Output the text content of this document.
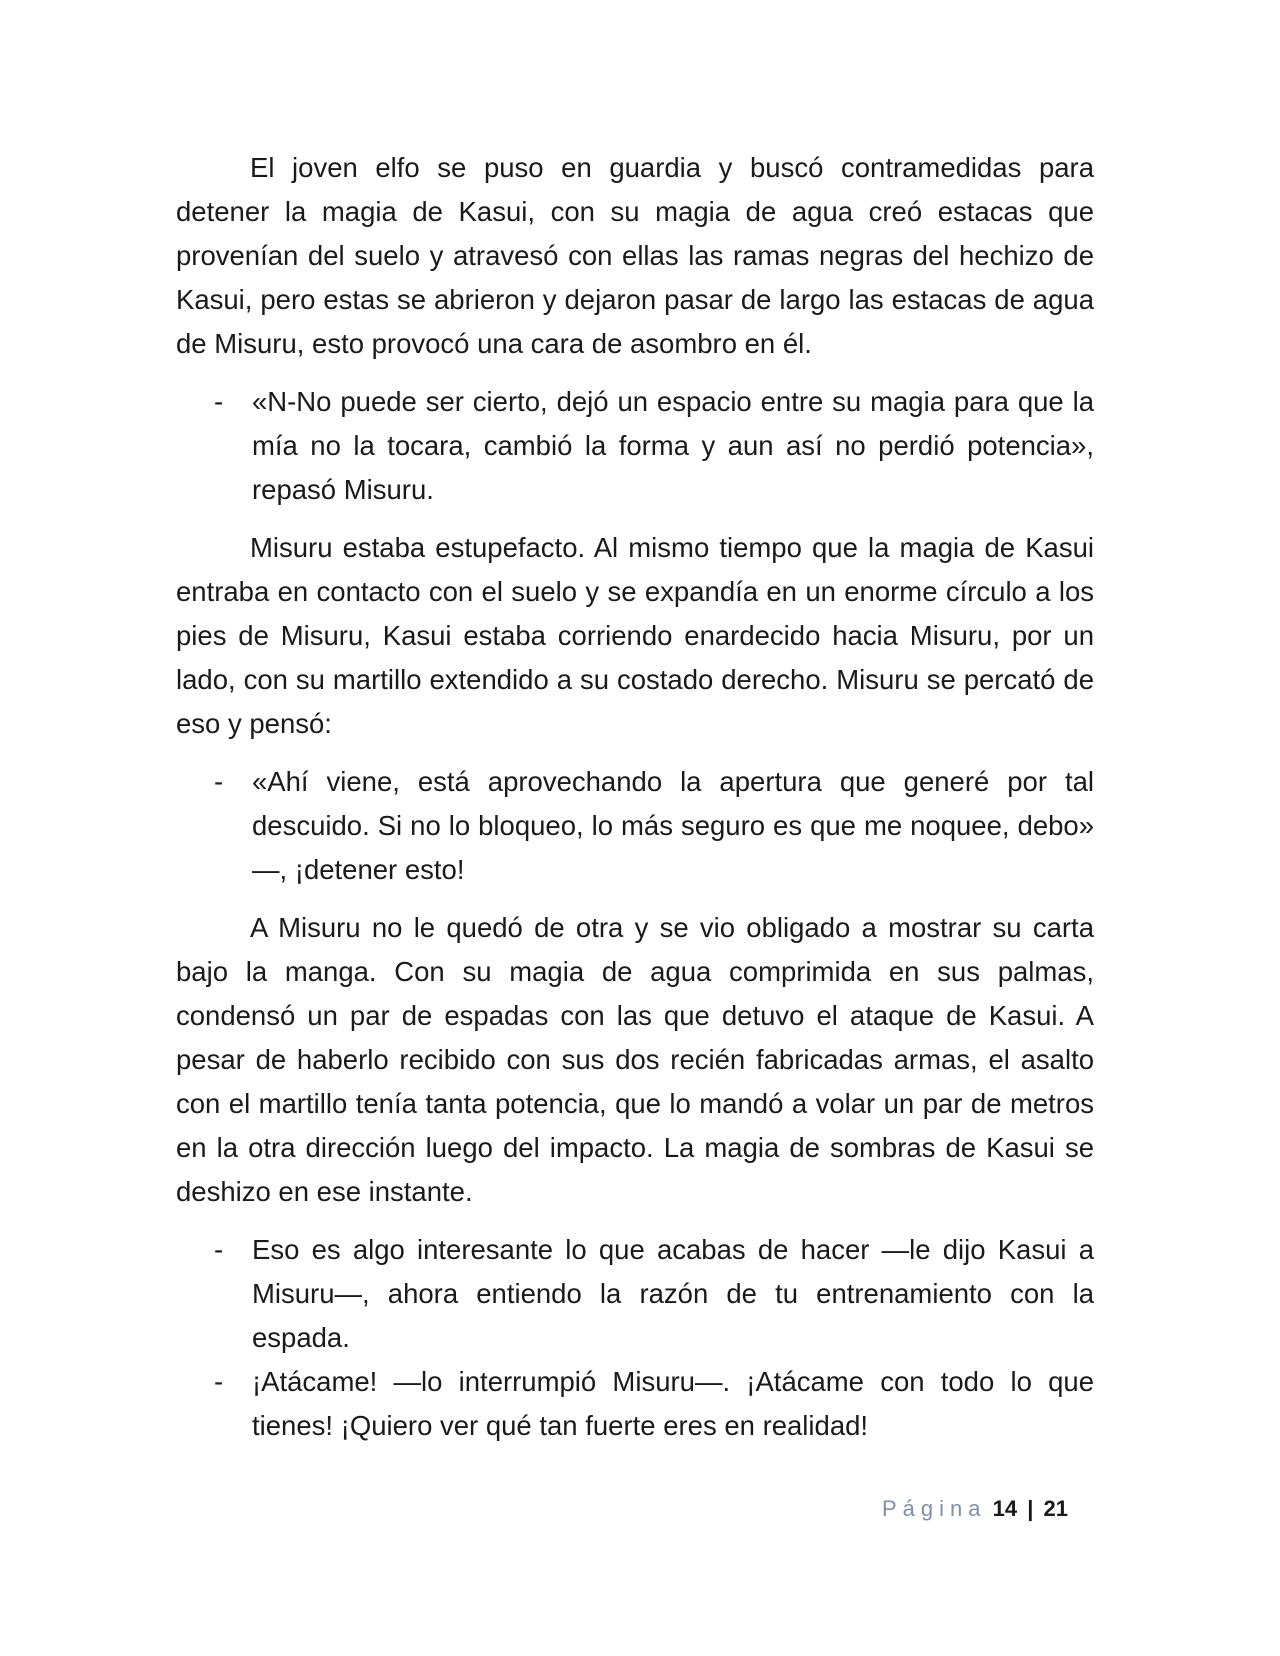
El joven elfo se puso en guardia y buscó contramedidas para detener la magia de Kasui, con su magia de agua creó estacas que provenían del suelo y atravesó con ellas las ramas negras del hechizo de Kasui, pero estas se abrieron y dejaron pasar de largo las estacas de agua de Misuru, esto provocó una cara de asombro en él.

- «N-No puede ser cierto, dejó un espacio entre su magia para que la mía no la tocara, cambió la forma y aun así no perdió potencia», repasó Misuru.

Misuru estaba estupefacto. Al mismo tiempo que la magia de Kasui entraba en contacto con el suelo y se expandía en un enorme círculo a los pies de Misuru, Kasui estaba corriendo enardecido hacia Misuru, por un lado, con su martillo extendido a su costado derecho. Misuru se percató de eso y pensó:

- «Ahí viene, está aprovechando la apertura que generé por tal descuido. Si no lo bloqueo, lo más seguro es que me noquee, debo» —, ¡detener esto!

A Misuru no le quedó de otra y se vio obligado a mostrar su carta bajo la manga. Con su magia de agua comprimida en sus palmas, condensó un par de espadas con las que detuvo el ataque de Kasui. A pesar de haberlo recibido con sus dos recién fabricadas armas, el asalto con el martillo tenía tanta potencia, que lo mandó a volar un par de metros en la otra dirección luego del impacto. La magia de sombras de Kasui se deshizo en ese instante.

- Eso es algo interesante lo que acabas de hacer —le dijo Kasui a Misuru—, ahora entiendo la razón de tu entrenamiento con la espada.
- ¡Atácame! —lo interrumpió Misuru—. ¡Atácame con todo lo que tienes! ¡Quiero ver qué tan fuerte eres en realidad!
Página 14 | 21
